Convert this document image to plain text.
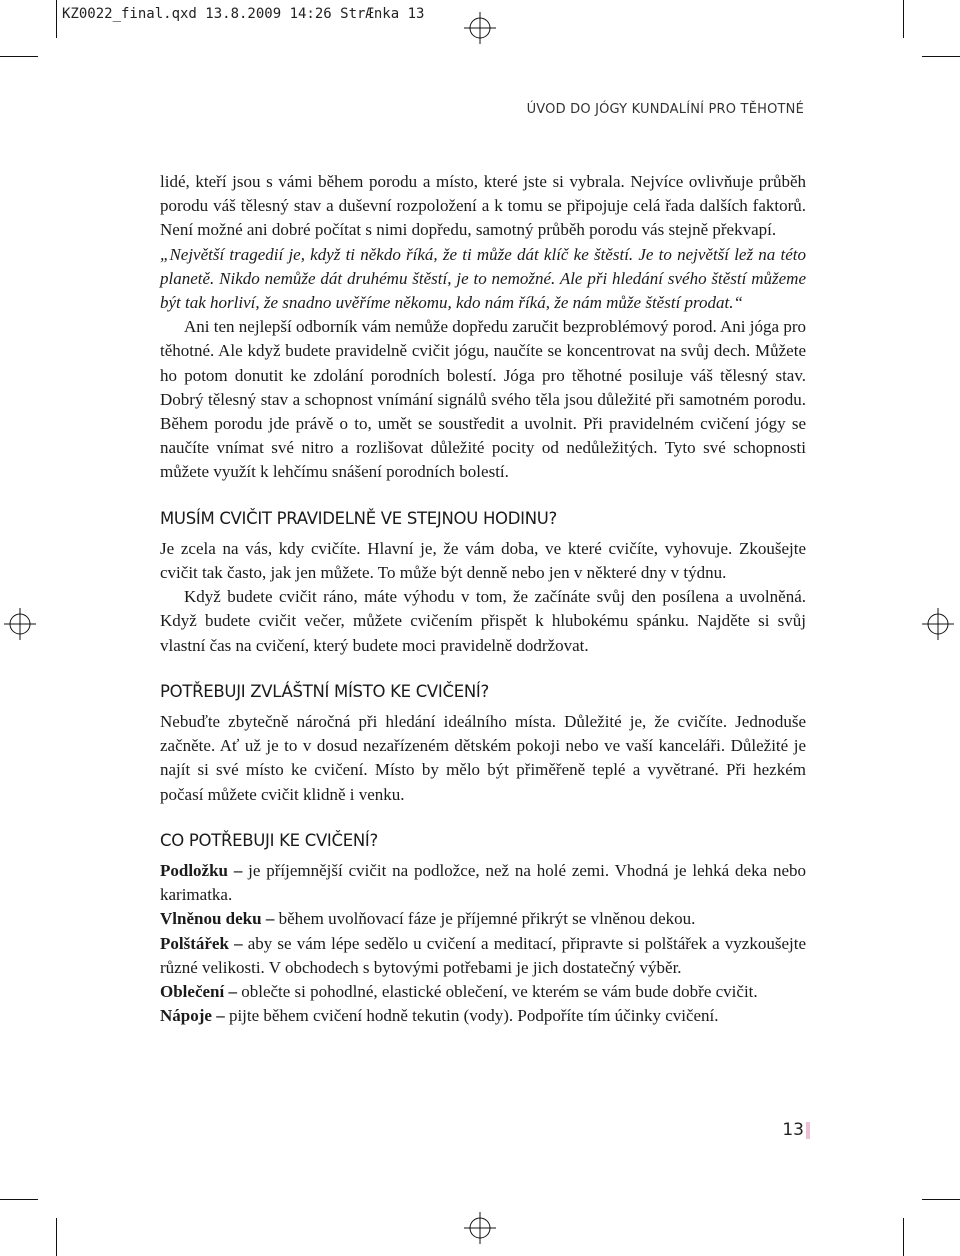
KZ0022_final.qxd 13.8.2009 14:26 StrÆnka 13
ÚVOD DO JÓGY KUNDALÍNÍ PRO TĚHOTNÉ

lidé, kteří jsou s vámi během porodu a místo, které jste si vybrala. Nejvíce ovlivňuje průběh porodu váš tělesný stav a duševní rozpoložení a k tomu se připojuje celá řada dalších faktorů. Není možné ani dobré počítat s nimi dopředu, samotný průběh porodu vás stejně překvapí.

„Největší tragedií je, když ti někdo říká, že ti může dát klíč ke štěstí. Je to největší lež na této planetě. Nikdo nemůže dát druhému štěstí, je to nemožné. Ale při hledání svého štěstí můžeme být tak horliví, že snadno uvěříme někomu, kdo nám říká, že nám může štěstí prodat.“

Ani ten nejlepší odborník vám nemůže dopředu zaručit bezproblémový porod. Ani jóga pro těhotné. Ale když budete pravidelně cvičit jógu, naučíte se koncentrovat na svůj dech. Můžete ho potom donutit ke zdolání porodních bolestí. Jóga pro těhotné posiluje váš tělesný stav. Dobrý tělesný stav a schopnost vnímání signálů svého těla jsou důležité při samotném porodu. Během porodu jde právě o to, umět se soustředit a uvolnit. Při pravidelném cvičení jógy se naučíte vnímat své nitro a rozlišovat důležité pocity od nedůležitých. Tyto své schopnosti můžete využít k lehčímu snášení porodních bolestí.

MUSÍM CVIČIT PRAVIDELNĚ VE STEJNOU HODINU?

Je zcela na vás, kdy cvičíte. Hlavní je, že vám doba, ve které cvičíte, vyhovuje. Zkoušejte cvičit tak často, jak jen můžete. To může být denně nebo jen v některé dny v týdnu.

Když budete cvičit ráno, máte výhodu v tom, že začínáte svůj den posílena a uvolněná. Když budete cvičit večer, můžete cvičením přispět k hlubokému spánku. Najděte si svůj vlastní čas na cvičení, který budete moci pravidelně dodržovat.

POTŘEBUJI ZVLÁŠTNÍ MÍSTO KE CVIČENÍ?

Nebuďte zbytečně náročná při hledání ideálního místa. Důležité je, že cvičíte. Jednoduše začněte. Ať už je to v dosud nezařízeném dětském pokoji nebo ve vaší kanceláři. Důležité je najít si své místo ke cvičení. Místo by mělo být přiměřeně teplé a vyvětrané. Při hezkém počasí můžete cvičit klidně i venku.

CO POTŘEBUJI KE CVIČENÍ?

Podložku – je příjemnější cvičit na podložce, než na holé zemi. Vhodná je lehká deka nebo karimatka.

Vlněnou deku – během uvolňovací fáze je příjemné přikrýt se vlněnou dekou.

Polštářek – aby se vám lépe sedělo u cvičení a meditací, připravte si polštářek a vyzkoušejte různé velikosti. V obchodech s bytovými potřebami je jich dostatečný výběr.

Oblečení – oblečte si pohodlné, elastické oblečení, ve kterém se vám bude dobře cvičit.

Nápoje – pijte během cvičení hodně tekutin (vody). Podpoříte tím účinky cvičení.

13
